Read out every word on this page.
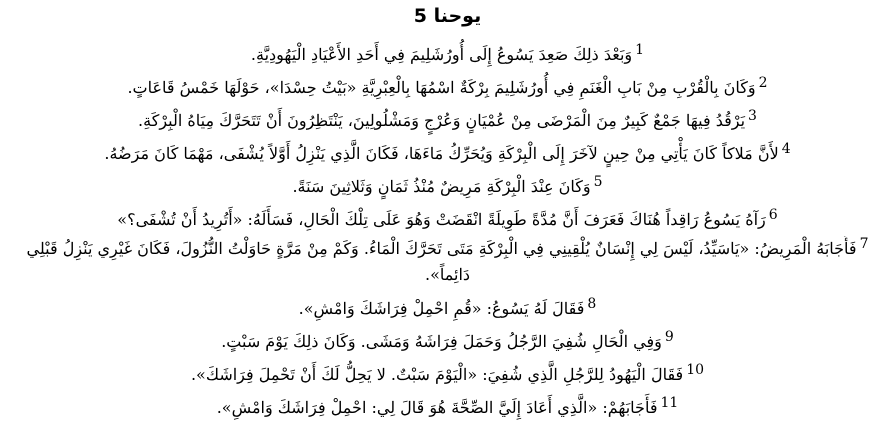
يوحنا 5
1وَبَعْدَ ذلِكَ صَعِدَ يَسُوعُ إِلَى أُورُشَلِيمَ فِي أَحَدِ الأَعْيَادِ الْيَهُودِيَّةِ.
2وَكَانَ بِالْقُرْبِ مِنْ بَابِ الْغَنَمِ فِي أُورُشَلِيمَ بِرْكَةٌ اسْمُهَا بِالْعِبْرِيَّةِ «بَيْتُ حِسْدَا»، حَوْلَهَا خَمْسُ قَاعَاتٍ.
3يَرْقُدُ فِيهَا جَمْعٌ كَبِيرٌ مِنَ الْمَرْضَى مِنْ عُمْيَانٍ وَعُرْجٍ وَمَشْلُولِينَ، يَنْتَظِرُونَ أَنْ تَتَحَرَّكَ مِيَاهُ الْبِرْكَةِ.
4لأَنَّ مَلاكاً كَانَ يَأْتِي مِنْ حِينٍ لآخَرَ إِلَى الْبِرْكَةِ وَيُحَرِّكُ مَاءَهَا، فَكَانَ الَّذِي يَنْزِلُ أَوَّلاً يُشْفَى، مَهْمَا كَانَ مَرَضُهُ.
5وَكَانَ عِنْدَ الْبِرْكَةِ مَرِيضٌ مُنْذُ ثَمَانٍ وَثَلاثِينَ سَنَةً.
6رَآهُ يَسُوعُ رَاقِداً هُنَاكَ فَعَرَفَ أَنَّ مُدَّةً طَوِيلَةً انْقَضَتْ وَهُوَ عَلَى تِلْكَ الْحَالِ، فَسَأَلَهُ: «أَتُرِيدُ أَنْ تُشْفَى؟»
7فَأَجَابَهُ الْمَرِيضُ: «يَاسَيِّدُ، لَيْسَ لِي إِنْسَانٌ يُلْقِينِي فِي الْبِرْكَةِ مَتَى تَحَرَّكَ الْمَاءُ. وَكَمْ مِنْ مَرَّةٍ حَاوَلْتُ النُّزُولَ، فَكَانَ غَيْرِي يَنْزِلُ قَبْلِي دَائِماً».
8فَقَالَ لَهُ يَسُوعُ: «قُمِ احْمِلْ فِرَاشَكَ وَامْشِ».
9وَفِي الْحَالِ شُفِيَ الرَّجُلُ وَحَمَلَ فِرَاشَهُ وَمَشَى. وَكَانَ ذلِكَ يَوْمَ سَبْتٍ.
10فَقَالَ الْيَهُودُ لِلرَّجُلِ الَّذِي شُفِيَ: «الْيَوْمَ سَبْتٌ. لا يَحِلُّ لَكَ أَنْ تَحْمِلَ فِرَاشَكَ».
11فَأَجَابَهُمْ: «الَّذِي أَعَادَ إِلَيَّ الصِّحَّةَ هُوَ قَالَ لِي: احْمِلْ فِرَاشَكَ وَامْشِ».
